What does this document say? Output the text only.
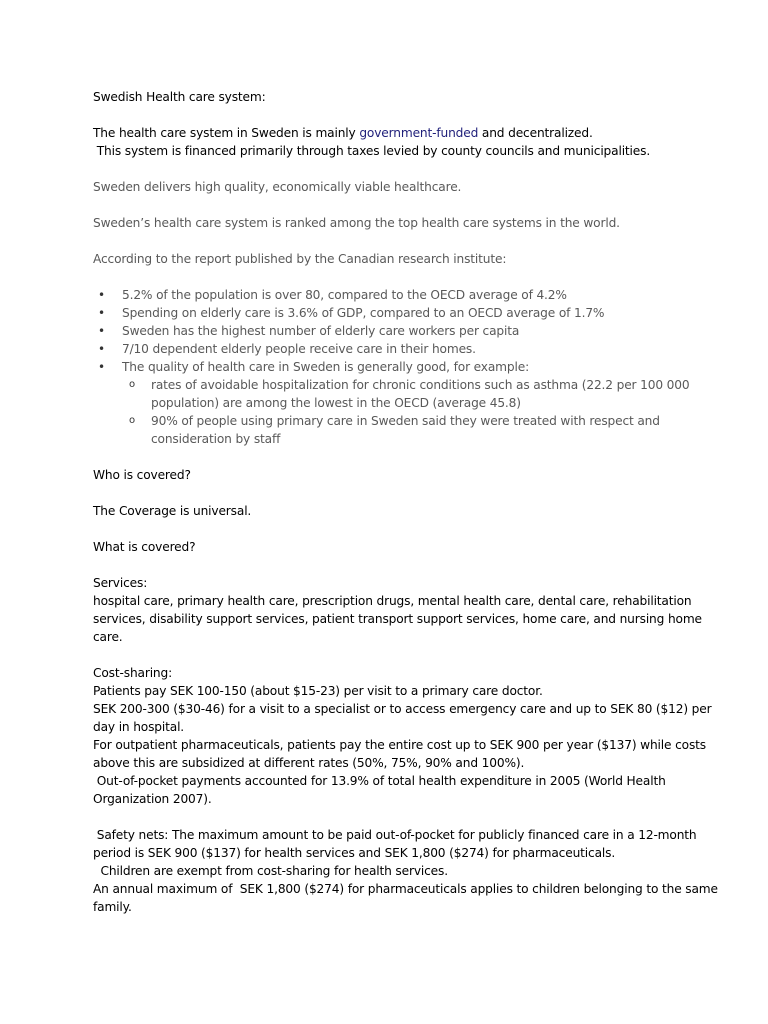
Swedish Health care system:

The health care system in Sweden is mainly government-funded and decentralized.

This system is financed primarily through taxes levied by county councils and municipalities.

Sweden delivers high quality, economically viable healthcare.

Sweden’s health care system is ranked among the top health care systems in the world.

According to the report published by the Canadian research institute:

• 5.2% of the population is over 80, compared to the OECD average of 4.2%
• Spending on elderly care is 3.6% of GDP, compared to an OECD average of 1.7%
• Sweden has the highest number of elderly care workers per capita
• 7/10 dependent elderly people receive care in their homes.
• The quality of health care in Sweden is generally good, for example:
o rates of avoidable hospitalization for chronic conditions such as asthma (22.2 per 100 000 population) are among the lowest in the OECD (average 45.8)
o 90% of people using primary care in Sweden said they were treated with respect and consideration by staff

Who is covered?

The Coverage is universal.

What is covered?

Services:

hospital care, primary health care, prescription drugs, mental health care, dental care, rehabilitation services, disability support services, patient transport support services, home care, and nursing home care.

Cost-sharing:

Patients pay SEK 100-150 (about $15-23) per visit to a primary care doctor.

SEK 200-300 ($30-46) for a visit to a specialist or to access emergency care and up to SEK 80 ($12) per day in hospital.

For outpatient pharmaceuticals, patients pay the entire cost up to SEK 900 per year ($137) while costs above this are subsidized at different rates (50%, 75%, 90% and 100%).

Out-of-pocket payments accounted for 13.9% of total health expenditure in 2005 (World Health Organization 2007).

Safety nets: The maximum amount to be paid out-of-pocket for publicly financed care in a 12-month period is SEK 900 ($137) for health services and SEK 1,800 ($274) for pharmaceuticals.

Children are exempt from cost-sharing for health services.

An annual maximum of  SEK 1,800 ($274) for pharmaceuticals applies to children belonging to the same family.
